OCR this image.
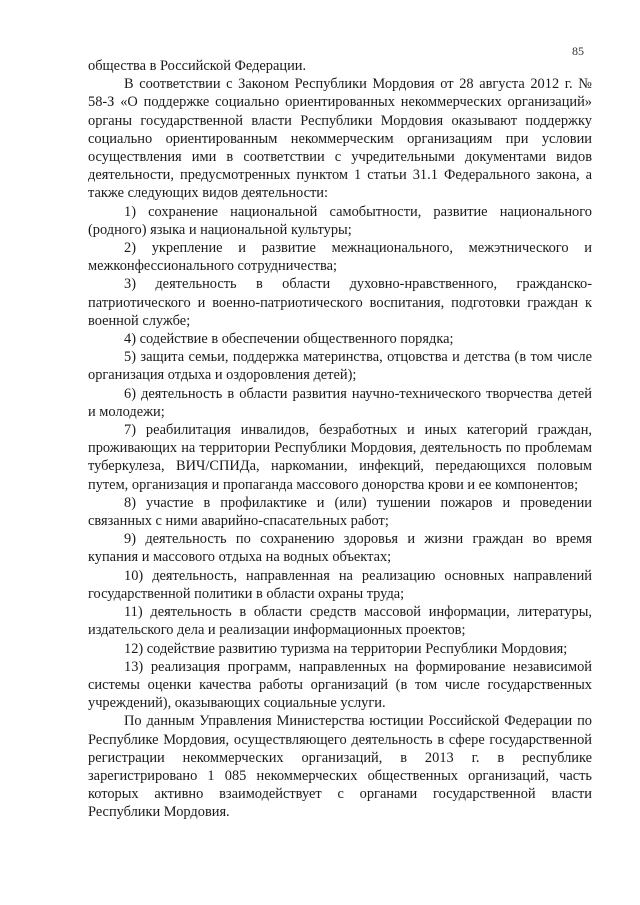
85

общества в Российской Федерации.

В соответствии с Законом Республики Мордовия от 28 августа 2012 г. № 58-З «О поддержке социально ориентированных некоммерческих организаций» органы государственной власти Республики Мордовия оказывают поддержку социально ориентированным некоммерческим организациям при условии осуществления ими в соответствии с учредительными документами видов деятельности, предусмотренных пунктом 1 статьи 31.1 Федерального закона, а также следующих видов деятельности:

1) сохранение национальной самобытности, развитие национального (родного) языка и национальной культуры;

2) укрепление и развитие межнационального, межэтнического и межконфессионального сотрудничества;

3) деятельность в области духовно-нравственного, гражданско-патриотического и военно-патриотического воспитания, подготовки граждан к военной службе;

4) содействие в обеспечении общественного порядка;

5) защита семьи, поддержка материнства, отцовства и детства (в том числе организация отдыха и оздоровления детей);

6) деятельность в области развития научно-технического творчества детей и молодежи;

7) реабилитация инвалидов, безработных и иных категорий граждан, проживающих на территории Республики Мордовия, деятельность по проблемам туберкулеза, ВИЧ/СПИДа, наркомании, инфекций, передающихся половым путем, организация и пропаганда массового донорства крови и ее компонентов;

8) участие в профилактике и (или) тушении пожаров и проведении связанных с ними аварийно-спасательных работ;

9) деятельность по сохранению здоровья и жизни граждан во время купания и массового отдыха на водных объектах;

10) деятельность, направленная на реализацию основных направлений государственной политики в области охраны труда;

11) деятельность в области средств массовой информации, литературы, издательского дела и реализации информационных проектов;

12) содействие развитию туризма на территории Республики Мордовия;

13) реализация программ, направленных на формирование независимой системы оценки качества работы организаций (в том числе государственных учреждений), оказывающих социальные услуги.

По данным Управления Министерства юстиции Российской Федерации по Республике Мордовия, осуществляющего деятельность в сфере государственной регистрации некоммерческих организаций, в 2013 г. в республике зарегистрировано 1 085 некоммерческих общественных организаций, часть которых активно взаимодействует с органами государственной власти Республики Мордовия.
